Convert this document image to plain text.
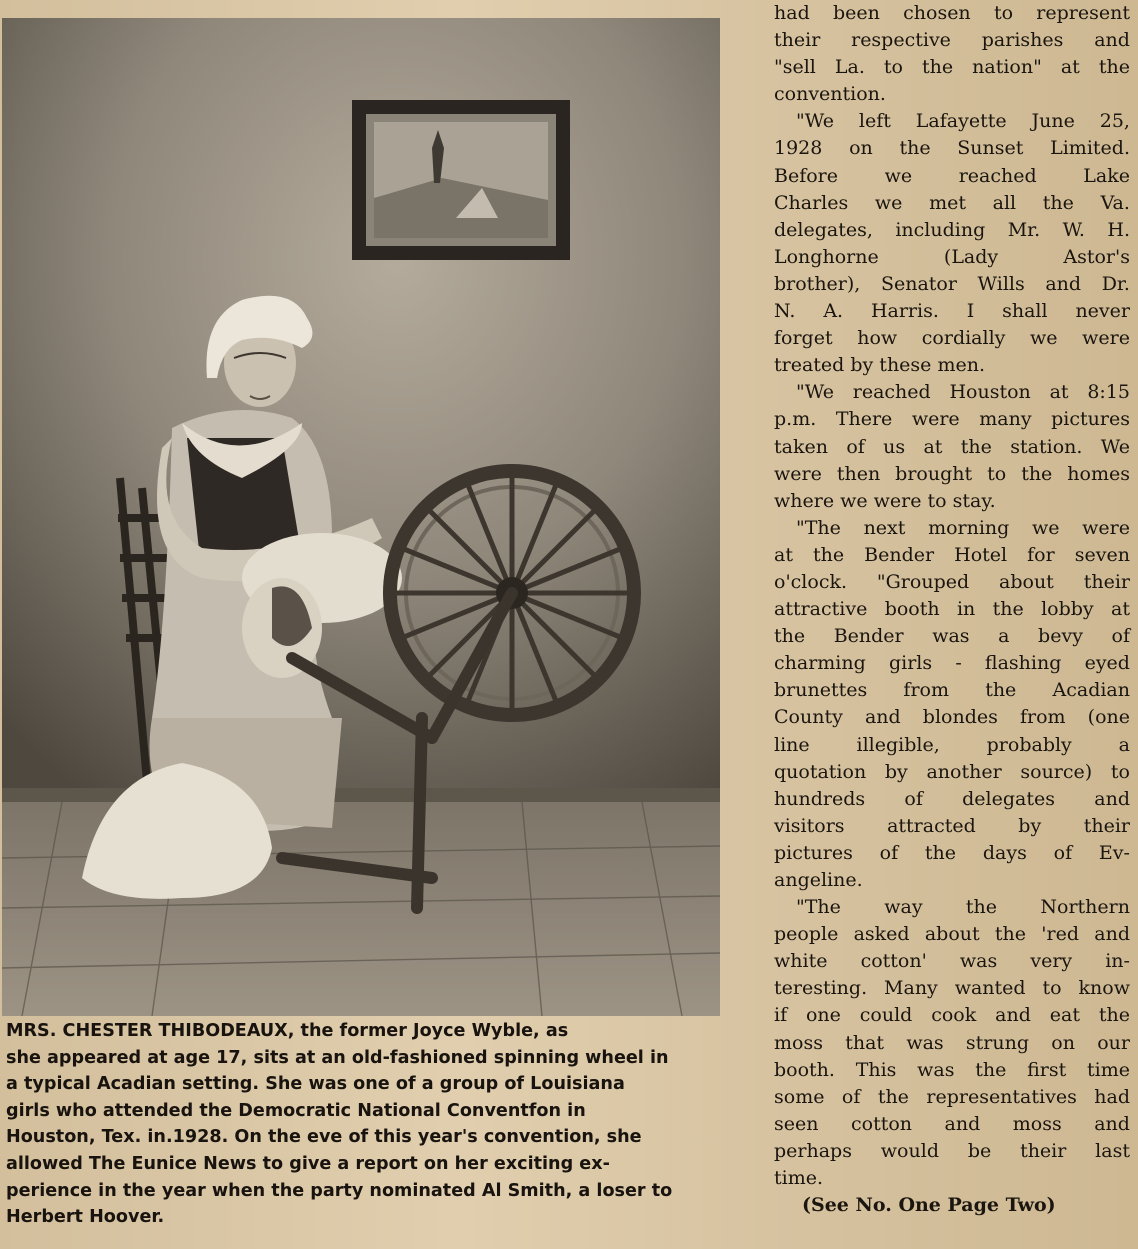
MRS. CHESTER THIBODEAUX, the former Joyce Wyble, as
she appeared at age 17, sits at an old-fashioned spinning wheel in
a typical Acadian setting. She was one of a group of Louisiana
girls who attended the Democratic National Conventfon in
Houston, Tex. in.1928. On the eve of this year's convention, she
allowed The Eunice News to give a report on her exciting ex-
perience in the year when the party nominated Al Smith, a loser to
Herbert Hoover.
had been chosen to represent
their respective parishes and
"sell La. to the nation" at the
convention.
"We left Lafayette June 25,
1928 on the Sunset Limited.
Before we reached Lake
Charles we met all the Va.
delegates, including Mr. W. H.
Longhorne	(Lady	Astor's
brother), Senator Wills and Dr.
N. A. Harris. I shall never
forget how cordially we were
treated by these men.
"We reached Houston at 8:15
p.m. There were many pictures
taken of us at the station. We
were then brought to the homes
where we were to stay.
"The next morning we were
at the Bender Hotel for seven
o'clock. "Grouped about their
attractive booth in the lobby at
the Bender was a bevy of
charming girls - flashing eyed
brunettes from the Acadian
County and blondes from (one
line illegible, probably a
quotation by another source) to
hundreds of delegates and
visitors attracted by their
pictures of the days of Ev-
angeline.
"The way the Northern
people asked about the 'red and
white cotton' was very in-
teresting. Many wanted to know
if one could cook and eat the
moss that was strung on our
booth. This was the first time
some of the representatives had
seen cotton and moss and
perhaps would be their last
time.
(See No. One Page Two)
